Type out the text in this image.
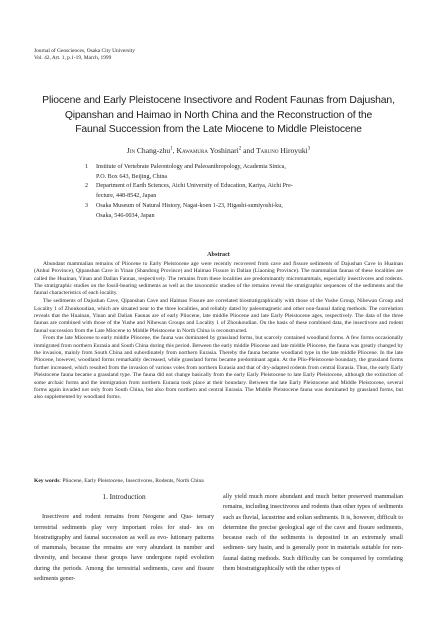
Journal of Geosciences, Osaka City University
Vol. 42, Art. 1, p.1-19, March, 1999
Pliocene and Early Pleistocene Insectivore and Rodent Faunas from Dajushan,
Qipanshan and Haimao in North China and the Reconstruction of the
Faunal Succession from the Late Miocene to Middle Pleistocene
Jin Chang-zhu$^1$, Kawamura Yoshinari$^2$ and Taruno Hiroyuki$^3$
1	Institute of Vertebrate Paleontology and Paleoanthropology, Academia Sinica,
P.O. Box 643, Beijing, China
2	Department of Earth Sciences, Aichi University of Education, Kariya, Aichi Pre-
fecture, 448-8542, Japan
3	Osaka Museum of Natural History, Nagai-koen 1-23, Higashi-sumiyoshi-ku,
Osaka, 546-0034, Japan
Abstract

Abundant mammalian remains of Pliocene to Early Pleistocene age were recently recovered from cave and fissure sediments of Dajushan Cave in Huainan (Anhui Province), Qipanshan Cave in Yinan (Shandong Province) and Haimao Fissure in Dalian (Liaoning Province). The mammalian faunas of these localities are called the Huainan, Yinan and Dalian Faunas, respectively. The remains from these localities are predominantly micromammals, especially insectivores and rodents. The stratigraphic studies on the fossil-bearing sediments as well as the taxonomic studies of the remains reveal the stratigraphic sequences of the sediments and the faunal characteristics of each locality.

The sediments of Dajushan Cave, Qipanshan Cave and Haimao Fissure are correlated biostratigraphically with those of the Yushe Group, Nihewan Group and Locality 1 of Zhoukoudian, which are situated near to the three localities, and reliably dated by paleomagnetic and other non-faunal dating methods. The correlation reveals that the Huainan, Yinan and Dalian Faunas are of early Pliocene, late middle Pliocene and late Early Pleistocene ages, respectively. The data of the three faunas are combined with those of the Yushe and Nihewan Groups and Locality 1 of Zhoukoudian. On the basis of these combined data, the insectivore and rodent faunal succession from the Late Miocene to Middle Pleistocene in North China is reconstructed.

From the late Miocene to early middle Pliocene, the fauna was dominated by grassland forms, but scarcely contained woodland forms. A few forms occasionally immigrated from northern Eurasia and South China during this period. Between the early middle Pliocene and late middle Pliocene, the fauna was greatly changed by the invasion, mainly from South China and subordinately from northern Eurasia. Thereby the fauna became woodland type in the late middle Pliocene. In the late Pliocene, however, woodland forms remarkably decreased, while grassland forms became predominant again. At the Plio-Pleistocene boundary, the grassland forms further increased, which resulted from the invasion of various voles from northern Eurasia and that of dry-adapted rodents from central Eurasia. Thus, the early Early Pleistocene fauna became a grassland type. The fauna did not change basically from the early Early Pleistocene to late Early Pleistocene, although the extinction of some archaic forms and the immigration from northern Eurasia took place at their boundary. Between the late Early Pleistocene and Middle Pleistocene, several forms again invaded not only from South China, but also from northern and central Eurasia. The Middle Pleistocene fauna was dominated by grassland forms, but also supplemented by woodland forms.

Key words: Pliocene, Early Pleistocene, Insectivores, Rodents, North China
1. Introduction

Insectivore and rodent remains from Neogene and Qua- ternary terrestrial sediments play very important roles for stud- ies on biostratigraphy and faunal succession as well as evo- lutionary patterns of mammals, because the remains are very abundant in number and diversity, and because these groups have undergone rapid evolution during the periods. Among the terrestrial sediments, cave and fissure sediments gener-

ally yield much more abundant and much better preserved mammalian remains, including insectivores and rodents than other types of sediments such as fluvial, lacustrine and eolian sediments. It is, however, difficult to determine the precise geological age of the cave and fissure sediments, because each of the sediments is deposited in an extremely small sedimen- tary basin, and is generally poor in materials suitable for non- faunal dating methods. Such difficulty can be conquered by correlating them biostratigraphically with the other types of
